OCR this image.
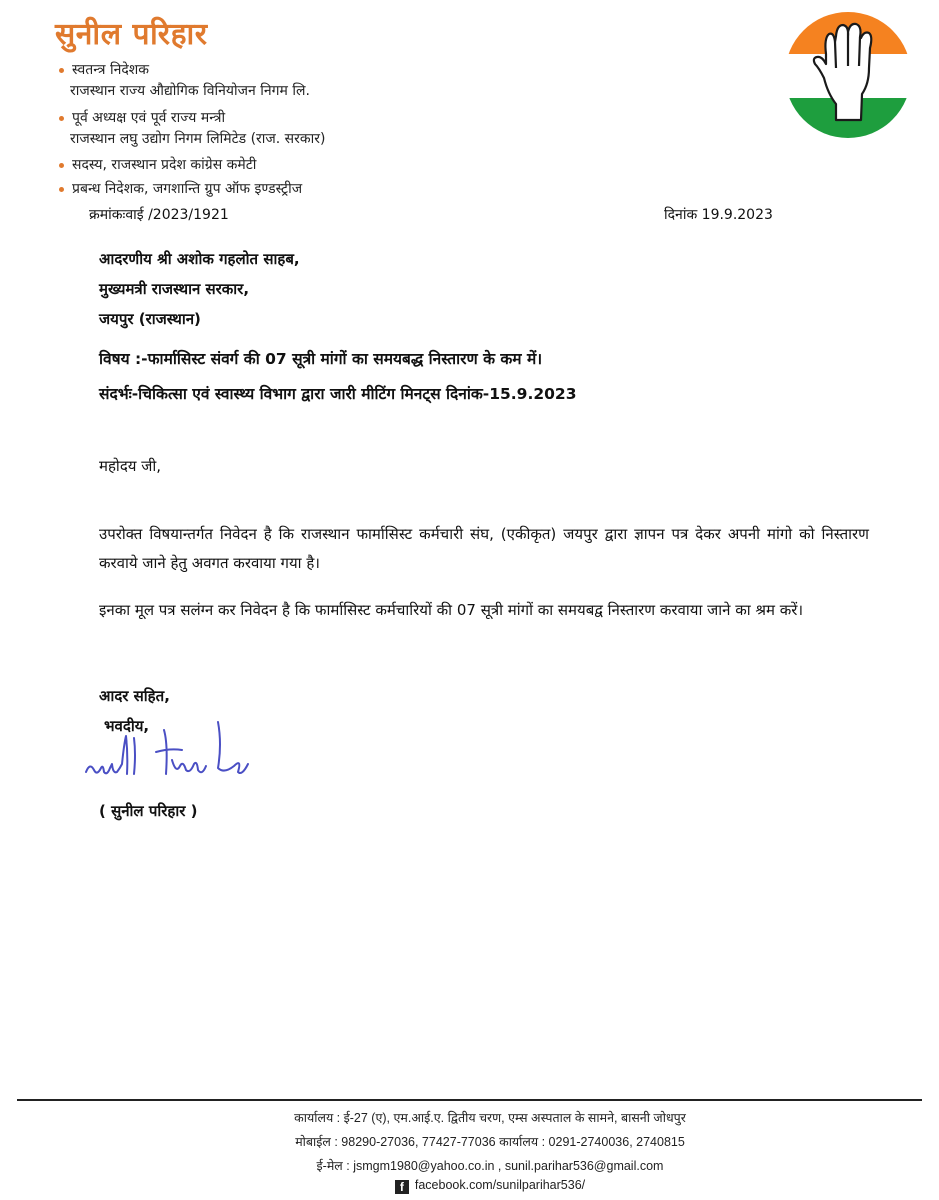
सुनील परिहार
स्वतन्त्र निदेशक
राजस्थान राज्य औद्योगिक विनियोजन निगम लि.
पूर्व अध्यक्ष एवं पूर्व राज्य मन्त्री
राजस्थान लघु उद्योग निगम लिमिटेड (राज. सरकार)
सदस्य, राजस्थान प्रदेश कांग्रेस कमेटी
प्रबन्ध निदेशक, जगशान्ति ग्रुप ऑफ इण्डस्ट्रीज
क्रमांकःवाई /2023/1921	दिनांक 19.9.2023
आदरणीय श्री अशोक गहलोत साहब,
मुख्यमत्री राजस्थान सरकार,
जयपुर (राजस्थान)
विषय :-फार्मासिस्ट संवर्ग की 07 सूत्री मांगों का समयबद्ध निस्तारण के कम में।
संदर्भः-चिकित्सा एवं स्वास्थ्य विभाग द्वारा जारी मीटिंग मिनट्स दिनांक-15.9.2023
महोदय जी,
उपरोक्त विषयान्तर्गत निवेदन है कि राजस्थान फार्मासिस्ट कर्मचारी संघ, (एकीकृत) जयपुर द्वारा ज्ञापन पत्र देकर अपनी मांगो को निस्तारण करवाये जाने हेतु अवगत करवाया गया है।
इनका मूल पत्र सलंग्न कर निवेदन है कि फार्मासिस्ट कर्मचारियों की 07 सूत्री मांगों का समयबद्व निस्तारण करवाया जाने का श्रम करें।
आदर सहित,
भवदीय,
( सुनील परिहार )
कार्यालय : ई-27 (ए), एम.आई.ए. द्वितीय चरण, एम्स अस्पताल के सामने, बासनी जोधपुर
मोबाईल : 98290-27036, 77427-77036 कार्यालय : 0291-2740036, 2740815
ई-मेल : jsmgm1980@yahoo.co.in , sunil.parihar536@gmail.com
f facebook.com/sunilparihar536/
